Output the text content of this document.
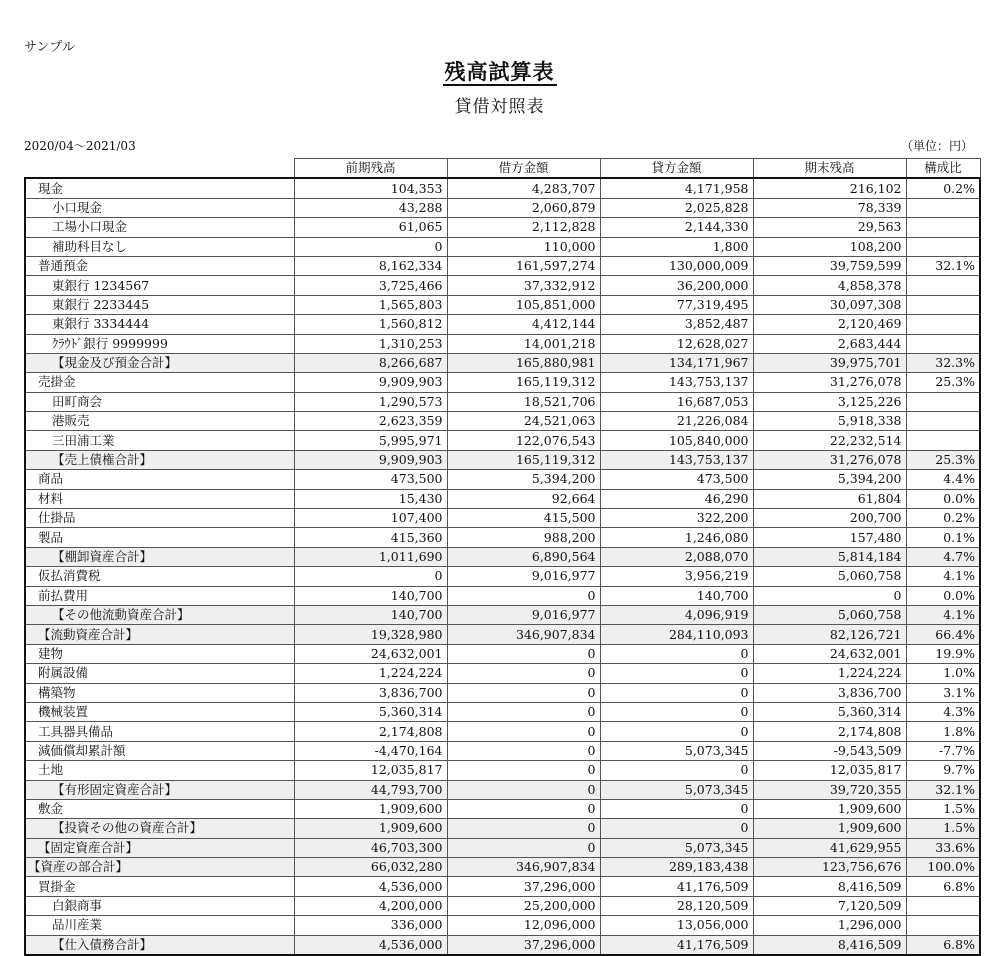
サンプル
残高試算表
貸借対照表
2020/04～2021/03	（単位：円）
	前期残高	借方金額	貸方金額	期末残高	構成比
現金	104,353	4,283,707	4,171,958	216,102	0.2%
小口現金	43,288	2,060,879	2,025,828	78,339	
工場小口現金	61,065	2,112,828	2,144,330	29,563	
補助科目なし	0	110,000	1,800	108,200	
普通預金	8,162,334	161,597,274	130,000,009	39,759,599	32.1%
東銀行 1234567	3,725,466	37,332,912	36,200,000	4,858,378	
東銀行 2233445	1,565,803	105,851,000	77,319,495	30,097,308	
東銀行 3334444	1,560,812	4,412,144	3,852,487	2,120,469	
ｸﾗｳﾄﾞ銀行 9999999	1,310,253	14,001,218	12,628,027	2,683,444	
【現金及び預金合計】	8,266,687	165,880,981	134,171,967	39,975,701	32.3%
売掛金	9,909,903	165,119,312	143,753,137	31,276,078	25.3%
田町商会	1,290,573	18,521,706	16,687,053	3,125,226	
港販売	2,623,359	24,521,063	21,226,084	5,918,338	
三田浦工業	5,995,971	122,076,543	105,840,000	22,232,514	
【売上債権合計】	9,909,903	165,119,312	143,753,137	31,276,078	25.3%
商品	473,500	5,394,200	473,500	5,394,200	4.4%
材料	15,430	92,664	46,290	61,804	0.0%
仕掛品	107,400	415,500	322,200	200,700	0.2%
製品	415,360	988,200	1,246,080	157,480	0.1%
【棚卸資産合計】	1,011,690	6,890,564	2,088,070	5,814,184	4.7%
仮払消費税	0	9,016,977	3,956,219	5,060,758	4.1%
前払費用	140,700	0	140,700	0	0.0%
【その他流動資産合計】	140,700	9,016,977	4,096,919	5,060,758	4.1%
【流動資産合計】	19,328,980	346,907,834	284,110,093	82,126,721	66.4%
建物	24,632,001	0	0	24,632,001	19.9%
附属設備	1,224,224	0	0	1,224,224	1.0%
構築物	3,836,700	0	0	3,836,700	3.1%
機械装置	5,360,314	0	0	5,360,314	4.3%
工具器具備品	2,174,808	0	0	2,174,808	1.8%
減価償却累計額	-4,470,164	0	5,073,345	-9,543,509	-7.7%
土地	12,035,817	0	0	12,035,817	9.7%
【有形固定資産合計】	44,793,700	0	5,073,345	39,720,355	32.1%
敷金	1,909,600	0	0	1,909,600	1.5%
【投資その他の資産合計】	1,909,600	0	0	1,909,600	1.5%
【固定資産合計】	46,703,300	0	5,073,345	41,629,955	33.6%
【資産の部合計】	66,032,280	346,907,834	289,183,438	123,756,676	100.0%
買掛金	4,536,000	37,296,000	41,176,509	8,416,509	6.8%
白銀商事	4,200,000	25,200,000	28,120,509	7,120,509	
品川産業	336,000	12,096,000	13,056,000	1,296,000	
【仕入債務合計】	4,536,000	37,296,000	41,176,509	8,416,509	6.8%
